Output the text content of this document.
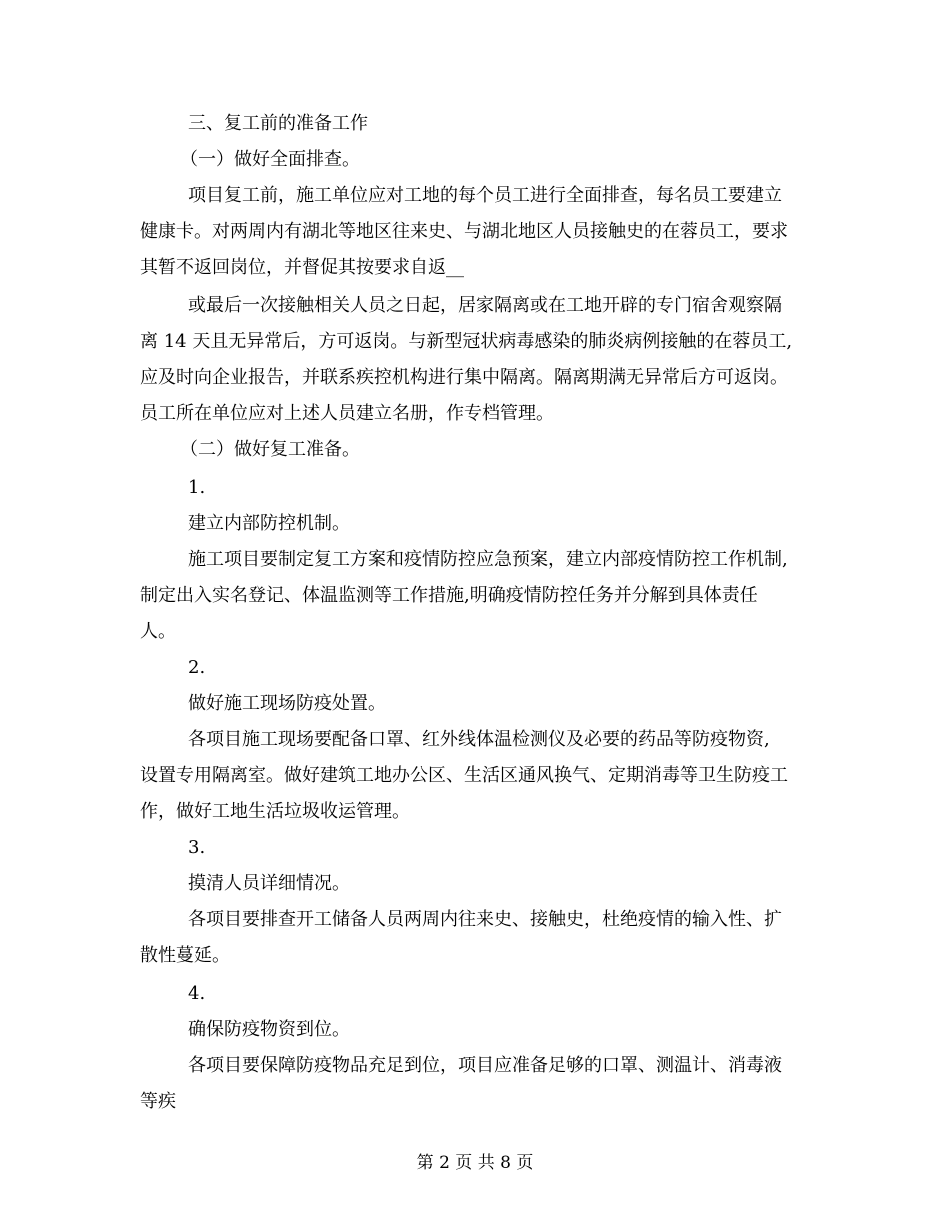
三、复工前的准备工作
（一）做好全面排查。
项目复工前，施工单位应对工地的每个员工进行全面排查，每名员工要建立
健康卡。对两周内有湖北等地区往来史、与湖北地区人员接触史的在蓉员工，要求
其暂不返回岗位，并督促其按要求自返__
或最后一次接触相关人员之日起，居家隔离或在工地开辟的专门宿舍观察隔
离 14 天且无异常后，方可返岗。与新型冠状病毒感染的肺炎病例接触的在蓉员工,
应及时向企业报告，并联系疾控机构进行集中隔离。隔离期满无异常后方可返岗。
员工所在单位应对上述人员建立名册，作专档管理。
（二）做好复工准备。
1.
建立内部防控机制。
施工项目要制定复工方案和疫情防控应急预案，建立内部疫情防控工作机制,
制定出入实名登记、体温监测等工作措施,明确疫情防控任务并分解到具体责任
人。
2.
做好施工现场防疫处置。
各项目施工现场要配备口罩、红外线体温检测仪及必要的药品等防疫物资,
设置专用隔离室。做好建筑工地办公区、生活区通风换气、定期消毒等卫生防疫工
作，做好工地生活垃圾收运管理。
3.
摸清人员详细情况。
各项目要排查开工储备人员两周内往来史、接触史，杜绝疫情的输入性、扩
散性蔓延。
4.
确保防疫物资到位。
各项目要保障防疫物品充足到位，项目应准备足够的口罩、测温计、消毒液
等疾
第 2 页 共 8 页
